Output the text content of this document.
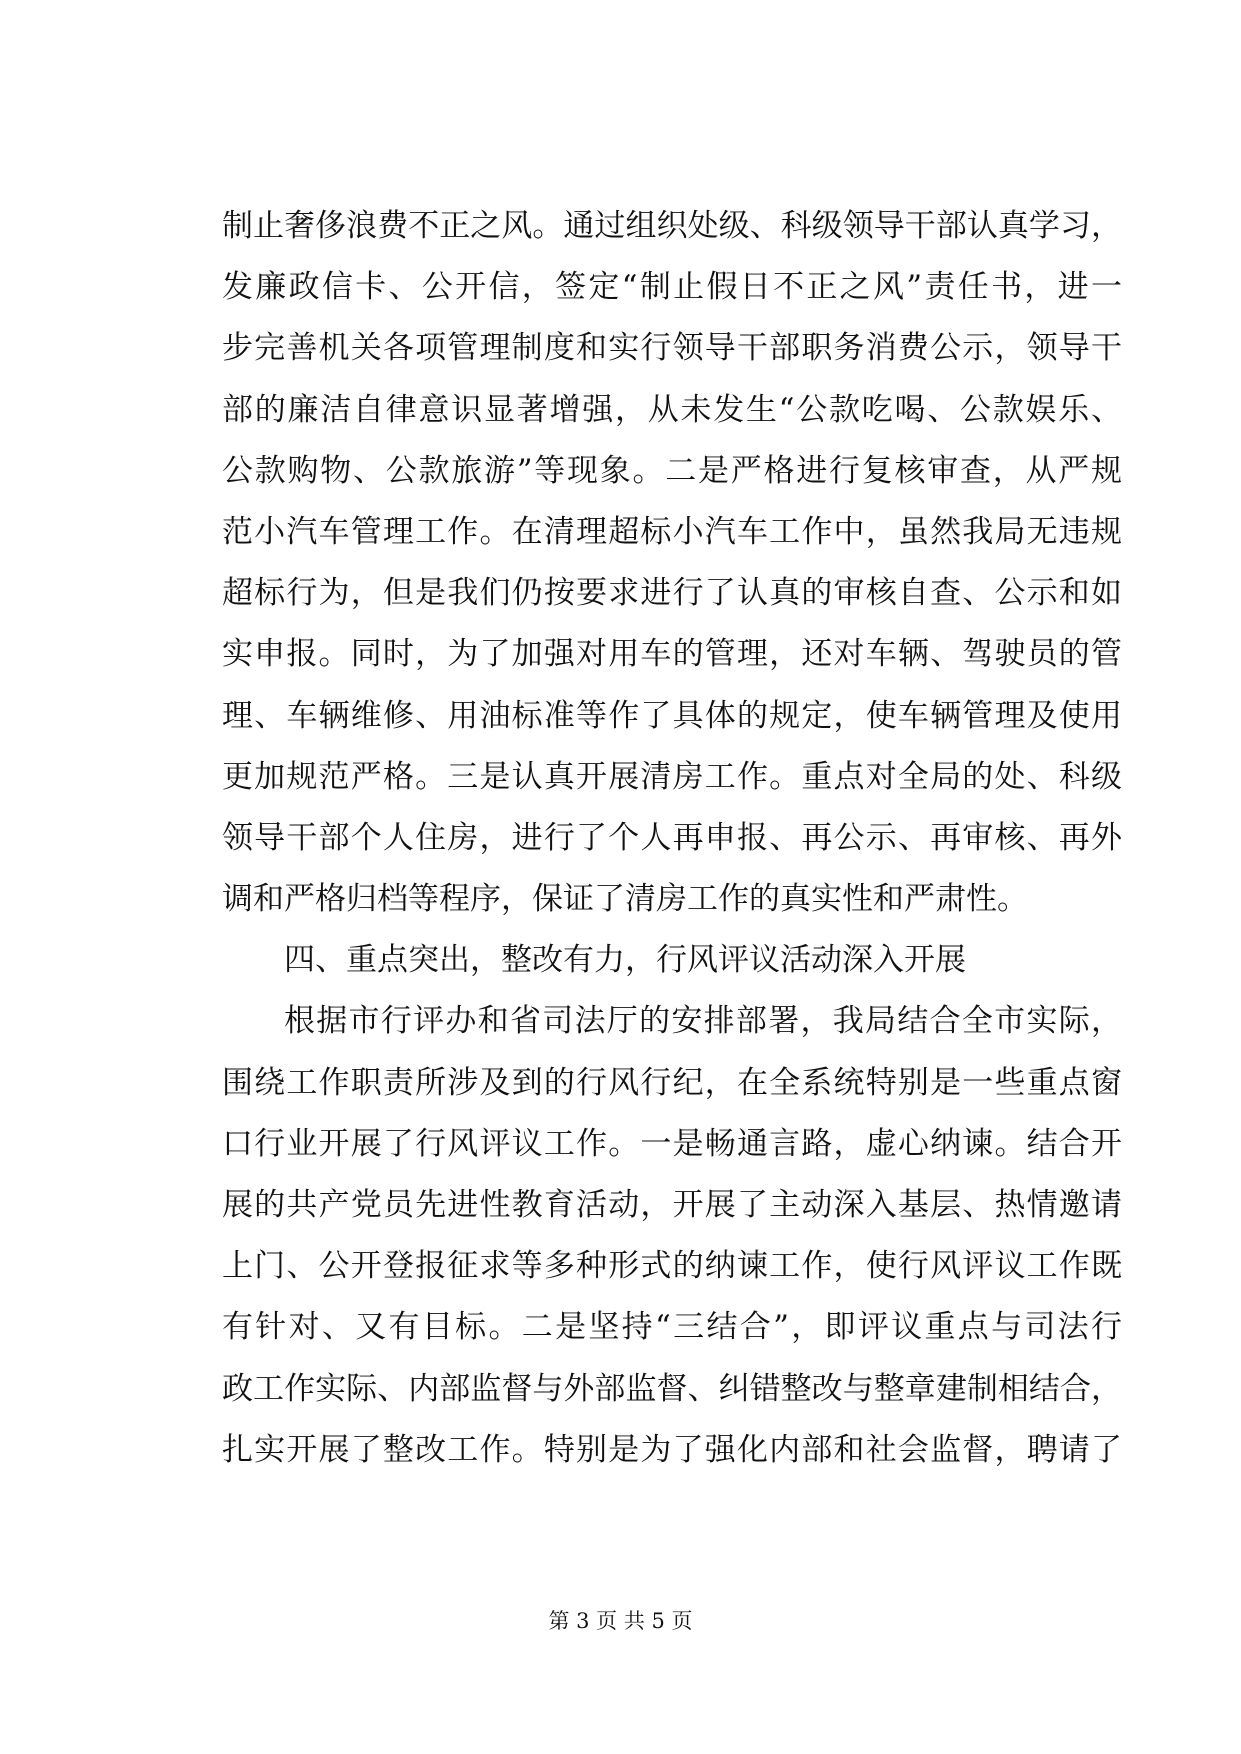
制止奢侈浪费不正之风。通过组织处级、科级领导干部认真学习，
发廉政信卡、公开信，签定“制止假日不正之风”责任书，进一
步完善机关各项管理制度和实行领导干部职务消费公示，领导干
部的廉洁自律意识显著增强，从未发生“公款吃喝、公款娱乐、
公款购物、公款旅游”等现象。二是严格进行复核审查，从严规
范小汽车管理工作。在清理超标小汽车工作中，虽然我局无违规
超标行为，但是我们仍按要求进行了认真的审核自查、公示和如
实申报。同时，为了加强对用车的管理，还对车辆、驾驶员的管
理、车辆维修、用油标准等作了具体的规定，使车辆管理及使用
更加规范严格。三是认真开展清房工作。重点对全局的处、科级
领导干部个人住房，进行了个人再申报、再公示、再审核、再外
调和严格归档等程序，保证了清房工作的真实性和严肃性。
四、重点突出，整改有力，行风评议活动深入开展
根据市行评办和省司法厅的安排部署，我局结合全市实际，
围绕工作职责所涉及到的行风行纪，在全系统特别是一些重点窗
口行业开展了行风评议工作。一是畅通言路，虚心纳谏。结合开
展的共产党员先进性教育活动，开展了主动深入基层、热情邀请
上门、公开登报征求等多种形式的纳谏工作，使行风评议工作既
有针对、又有目标。二是坚持“三结合”，即评议重点与司法行
政工作实际、内部监督与外部监督、纠错整改与整章建制相结合，
扎实开展了整改工作。特别是为了强化内部和社会监督，聘请了
第 3 页 共 5 页
